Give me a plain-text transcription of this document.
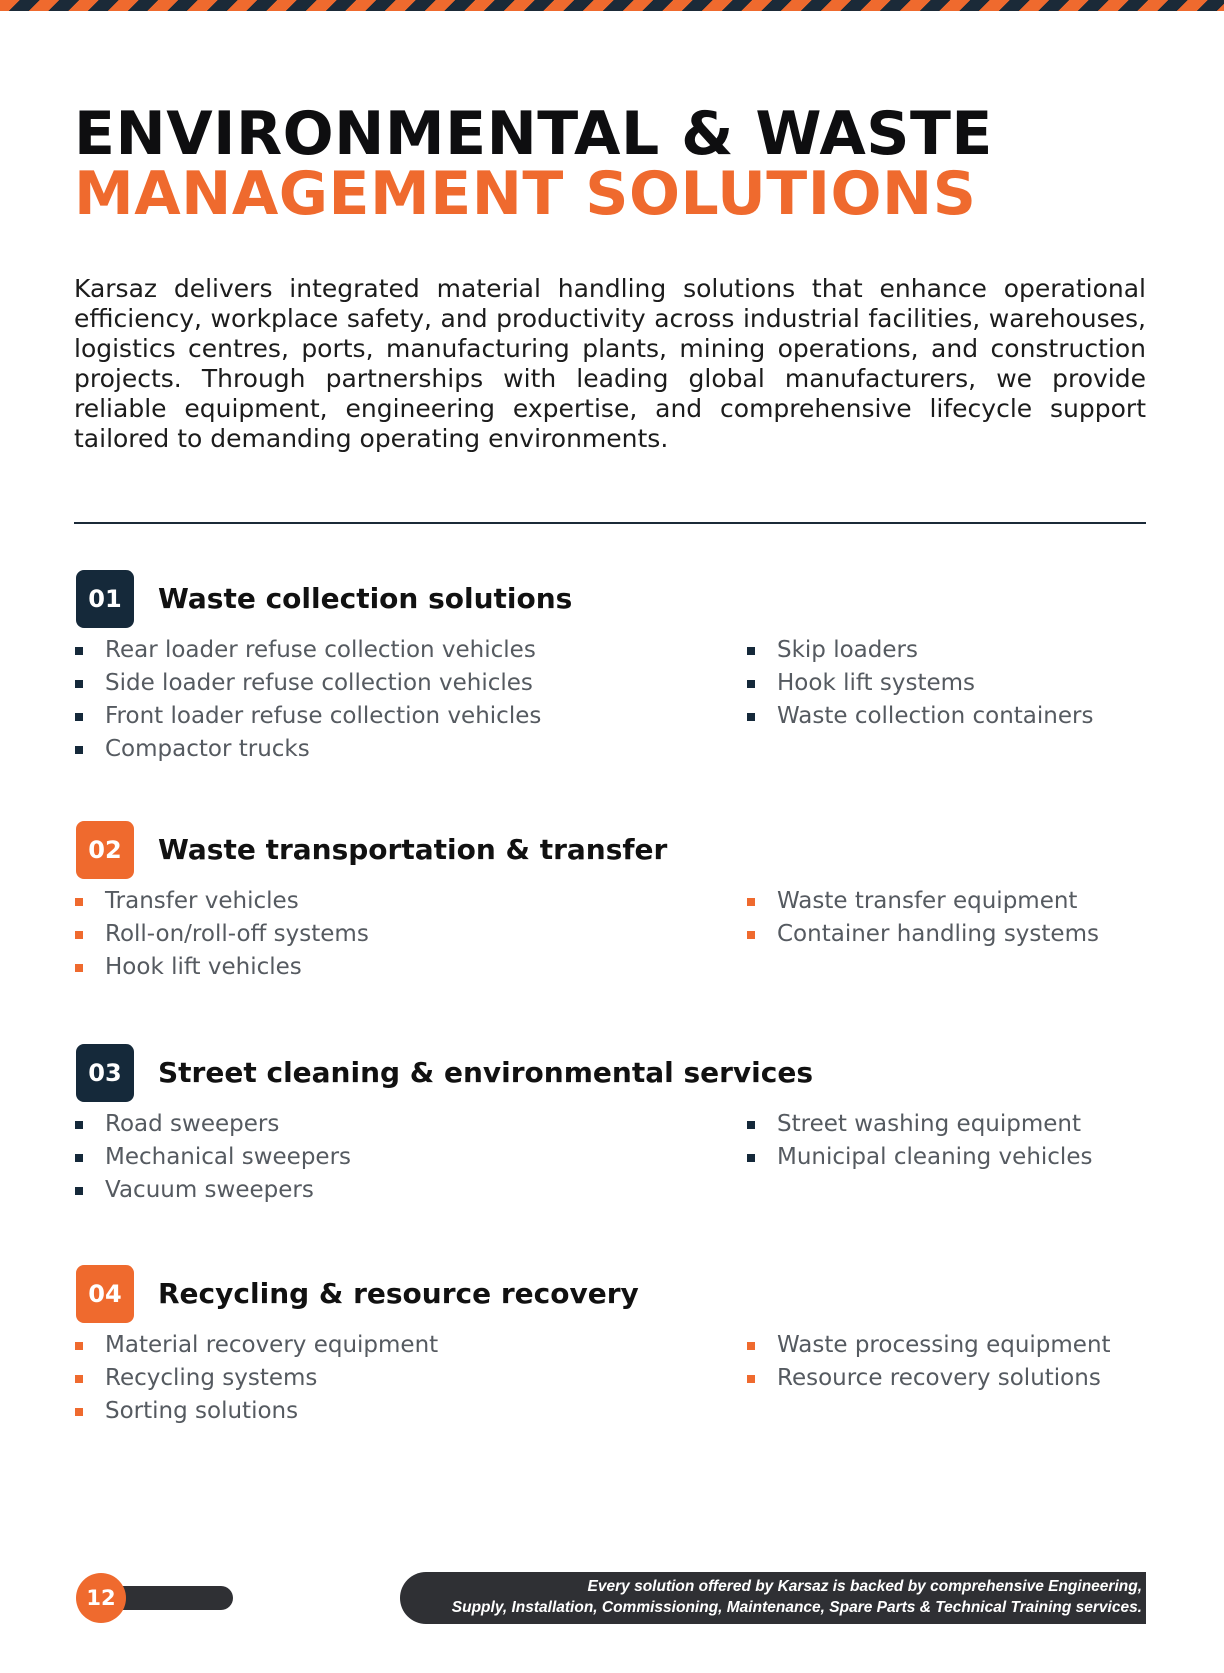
ENVIRONMENTAL & WASTE
MANAGEMENT SOLUTIONS

Karsaz delivers integrated material handling solutions that enhance operational efficiency, workplace safety, and productivity across industrial facilities, warehouses, logistics centres, ports, manufacturing plants, mining operations, and construction projects. Through partnerships with leading global manufacturers, we provide reliable equipment, engineering expertise, and comprehensive lifecycle support tailored to demanding operating environments.

01	Waste collection solutions
Rear loader refuse collection vehicles
Side loader refuse collection vehicles
Front loader refuse collection vehicles
Compactor trucks
Skip loaders
Hook lift systems
Waste collection containers
02	Waste transportation & transfer
Transfer vehicles
Roll-on/roll-off systems
Hook lift vehicles
Waste transfer equipment
Container handling systems
03	Street cleaning & environmental services
Road sweepers
Mechanical sweepers
Vacuum sweepers
Street washing equipment
Municipal cleaning vehicles
04	Recycling & resource recovery
Material recovery equipment
Recycling systems
Sorting solutions
Waste processing equipment
Resource recovery solutions
12	Every solution offered by Karsaz is backed by comprehensive Engineering,
Supply, Installation, Commissioning, Maintenance, Spare Parts & Technical Training services.
